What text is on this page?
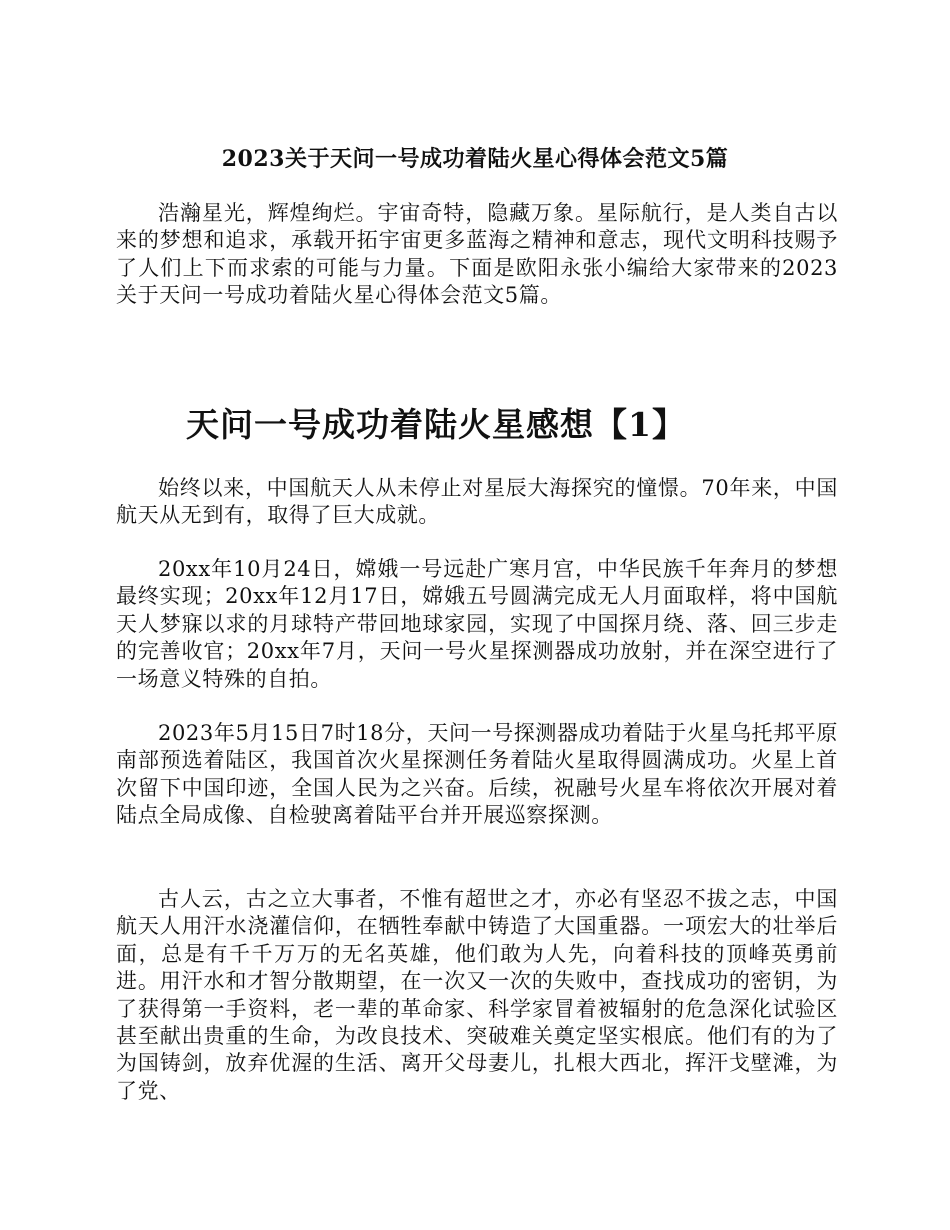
2023关于天问一号成功着陆火星心得体会范文5篇

浩瀚星光，辉煌绚烂。宇宙奇特，隐藏万象。星际航行，是人类自古以来的梦想和追求，承载开拓宇宙更多蓝海之精神和意志，现代文明科技赐予了人们上下而求索的可能与力量。下面是欧阳永张小编给大家带来的2023关于天问一号成功着陆火星心得体会范文5篇。

天问一号成功着陆火星感想【1】

始终以来，中国航天人从未停止对星辰大海探究的憧憬。70年来，中国航天从无到有，取得了巨大成就。

20xx年10月24日，嫦娥一号远赴广寒月宫，中华民族千年奔月的梦想最终实现；20xx年12月17日，嫦娥五号圆满完成无人月面取样，将中国航天人梦寐以求的月球特产带回地球家园，实现了中国探月绕、落、回三步走的完善收官；20xx年7月，天问一号火星探测器成功放射，并在深空进行了一场意义特殊的自拍。

2023年5月15日7时18分，天问一号探测器成功着陆于火星乌托邦平原南部预选着陆区，我国首次火星探测任务着陆火星取得圆满成功。火星上首次留下中国印迹，全国人民为之兴奋。后续，祝融号火星车将依次开展对着陆点全局成像、自检驶离着陆平台并开展巡察探测。

古人云，古之立大事者，不惟有超世之才，亦必有坚忍不拔之志，中国航天人用汗水浇灌信仰，在牺牲奉献中铸造了大国重器。一项宏大的壮举后面，总是有千千万万的无名英雄，他们敢为人先，向着科技的顶峰英勇前进。用汗水和才智分散期望，在一次又一次的失败中，查找成功的密钥，为了获得第一手资料，老一辈的革命家、科学家冒着被辐射的危急深化试验区甚至献出贵重的生命，为改良技术、突破难关奠定坚实根底。他们有的为了为国铸剑，放弃优渥的生活、离开父母妻儿，扎根大西北，挥汗戈壁滩，为了党、
